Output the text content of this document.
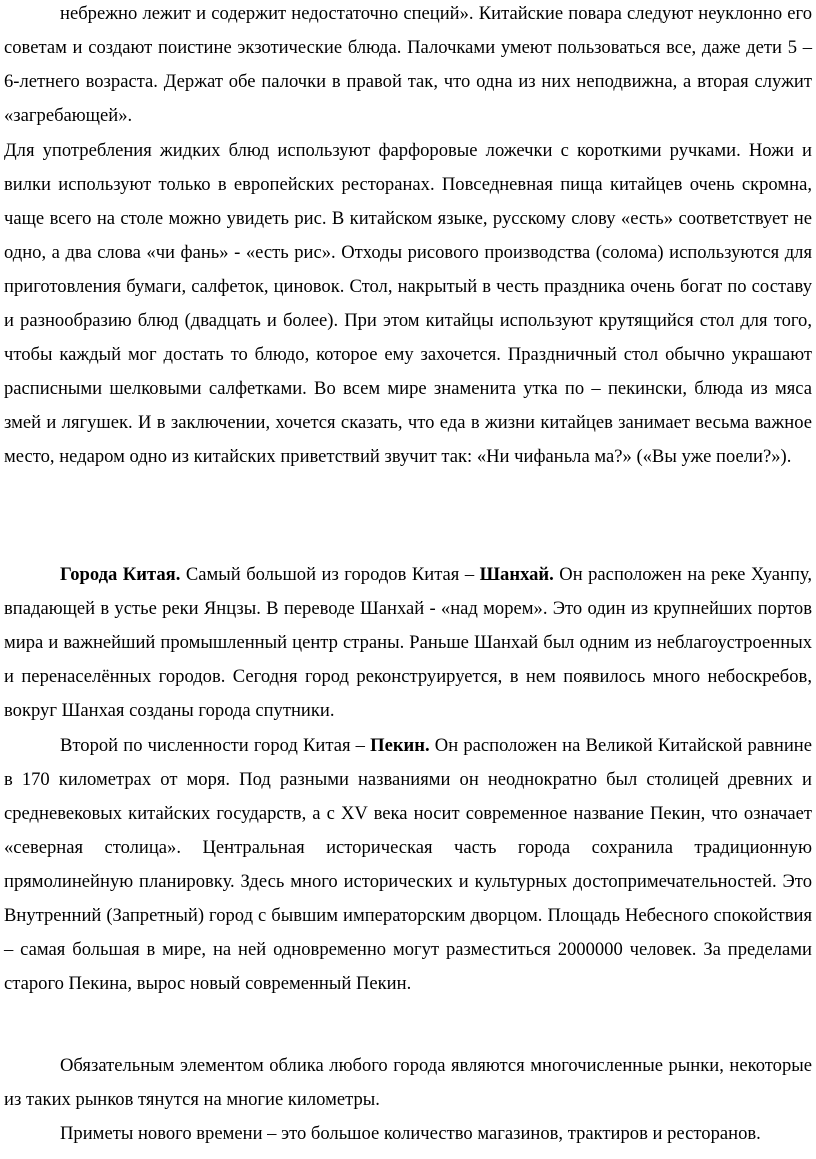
небрежно лежит и содержит недостаточно специй». Китайские повара следуют неуклонно его советам и создают поистине экзотические блюда. Палочками умеют пользоваться все, даже дети 5 – 6-летнего возраста. Держат обе палочки в правой так, что одна из них неподвижна, а вторая служит «загребающей».

Для употребления жидких блюд используют фарфоровые ложечки с короткими ручками. Ножи и вилки используют только в европейских ресторанах. Повседневная пища китайцев очень скромна, чаще всего на столе можно увидеть рис. В китайском языке, русскому слову «есть» соответствует не одно, а два слова «чи фань» - «есть рис». Отходы рисового производства (солома) используются для приготовления бумаги, салфеток, циновок. Стол, накрытый в честь праздника очень богат по составу и разнообразию блюд (двадцать и более). При этом китайцы используют крутящийся стол для того, чтобы каждый мог достать то блюдо, которое ему захочется. Праздничный стол обычно украшают расписными шелковыми салфетками. Во всем мире знаменита утка по – пекински, блюда из мяса змей и лягушек. И в заключении, хочется сказать, что еда в жизни китайцев занимает весьма важное место, недаром одно из китайских приветствий звучит так: «Ни чифаньла ма?» («Вы уже поели?»).

Города Китая. Самый большой из городов Китая – Шанхай. Он расположен на реке Хуанпу, впадающей в устье реки Янцзы. В переводе Шанхай - «над морем». Это один из крупнейших портов мира и важнейший промышленный центр страны. Раньше Шанхай был одним из неблагоустроенных и перенаселённых городов. Сегодня город реконструируется, в нем появилось много небоскребов, вокруг Шанхая созданы города спутники.

Второй по численности город Китая – Пекин. Он расположен на Великой Китайской равнине в 170 километрах от моря. Под разными названиями он неоднократно был столицей древних и средневековых китайских государств, а с XV века носит современное название Пекин, что означает «северная столица». Центральная историческая часть города сохранила традиционную прямолинейную планировку. Здесь много исторических и культурных достопримечательностей. Это Внутренний (Запретный) город с бывшим императорским дворцом. Площадь Небесного спокойствия – самая большая в мире, на ней одновременно могут разместиться 2000000 человек. За пределами старого Пекина, вырос новый современный Пекин.

Обязательным элементом облика любого города являются многочисленные рынки, некоторые из таких рынков тянутся на многие километры.

Приметы нового времени – это большое количество магазинов, трактиров и ресторанов.
